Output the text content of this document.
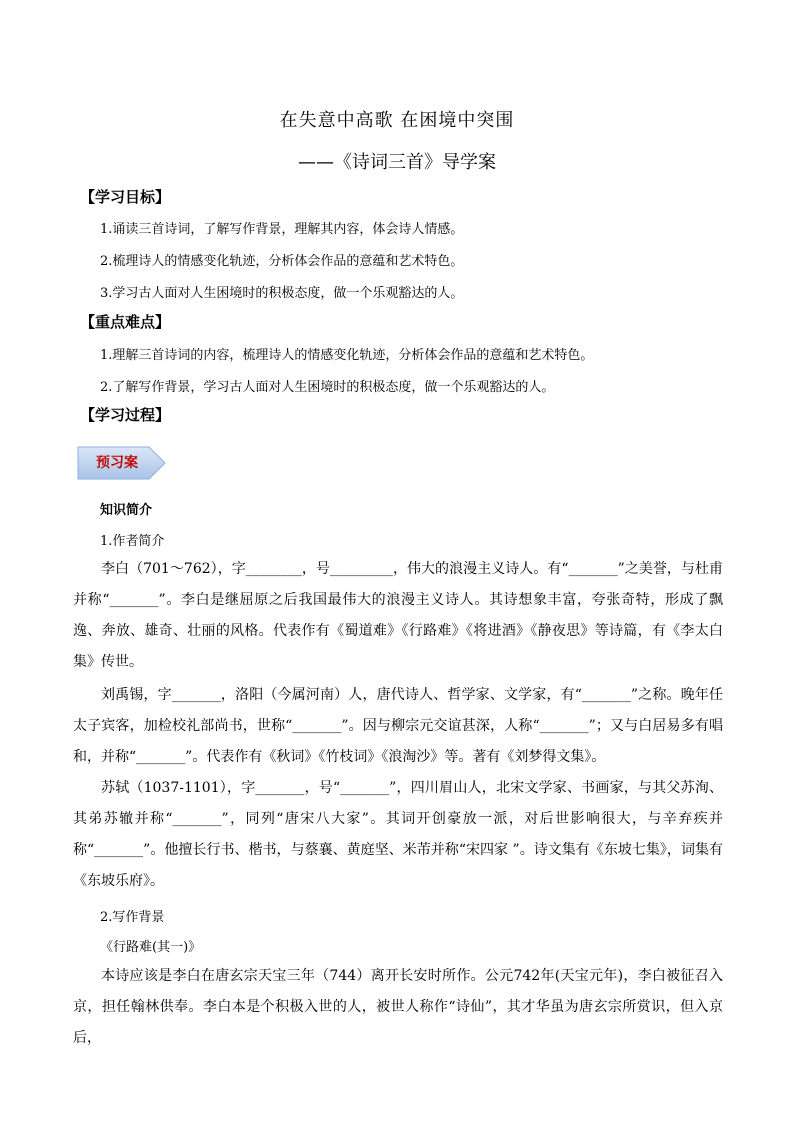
在失意中高歌 在困境中突围
——《诗词三首》导学案
【学习目标】
1.诵读三首诗词，了解写作背景，理解其内容，体会诗人情感。
2.梳理诗人的情感变化轨迹，分析体会作品的意蕴和艺术特色。
3.学习古人面对人生困境时的积极态度，做一个乐观豁达的人。
【重点难点】
1.理解三首诗词的内容，梳理诗人的情感变化轨迹，分析体会作品的意蕴和艺术特色。
2.了解写作背景，学习古人面对人生困境时的积极态度，做一个乐观豁达的人。
【学习过程】
预习案
知识简介
1.作者简介
李白（701～762），字________，号_________，伟大的浪漫主义诗人。有“_______”之美誉，与杜甫并称“_______”。李白是继屈原之后我国最伟大的浪漫主义诗人。其诗想象丰富，夸张奇特，形成了飘逸、奔放、雄奇、壮丽的风格。代表作有《蜀道难》《行路难》《将进酒》《静夜思》等诗篇，有《李太白集》传世。
刘禹锡，字_______，洛阳（今属河南）人，唐代诗人、哲学家、文学家，有“_______”之称。晚年任太子宾客，加检校礼部尚书，世称“_______”。因与柳宗元交谊甚深，人称“_______”；又与白居易多有唱和，并称“_______”。代表作有《秋词》《竹枝词》《浪淘沙》等。著有《刘梦得文集》。
苏轼（1037-1101），字_______，号“_______”，四川眉山人，北宋文学家、书画家，与其父苏洵、其弟苏辙并称“_______”，同列“唐宋八大家”。其词开创豪放一派，对后世影响很大，与辛弃疾并称“_______”。他擅长行书、楷书，与蔡襄、黄庭坚、米芾并称“宋四家 ”。诗文集有《东坡七集》，词集有《东坡乐府》。
2.写作背景
《行路难(其一)》
本诗应该是李白在唐玄宗天宝三年（744）离开长安时所作。公元742年(天宝元年)，李白被征召入京，担任翰林供奉。李白本是个积极入世的人，被世人称作“诗仙”，其才华虽为唐玄宗所赏识，但入京后，
